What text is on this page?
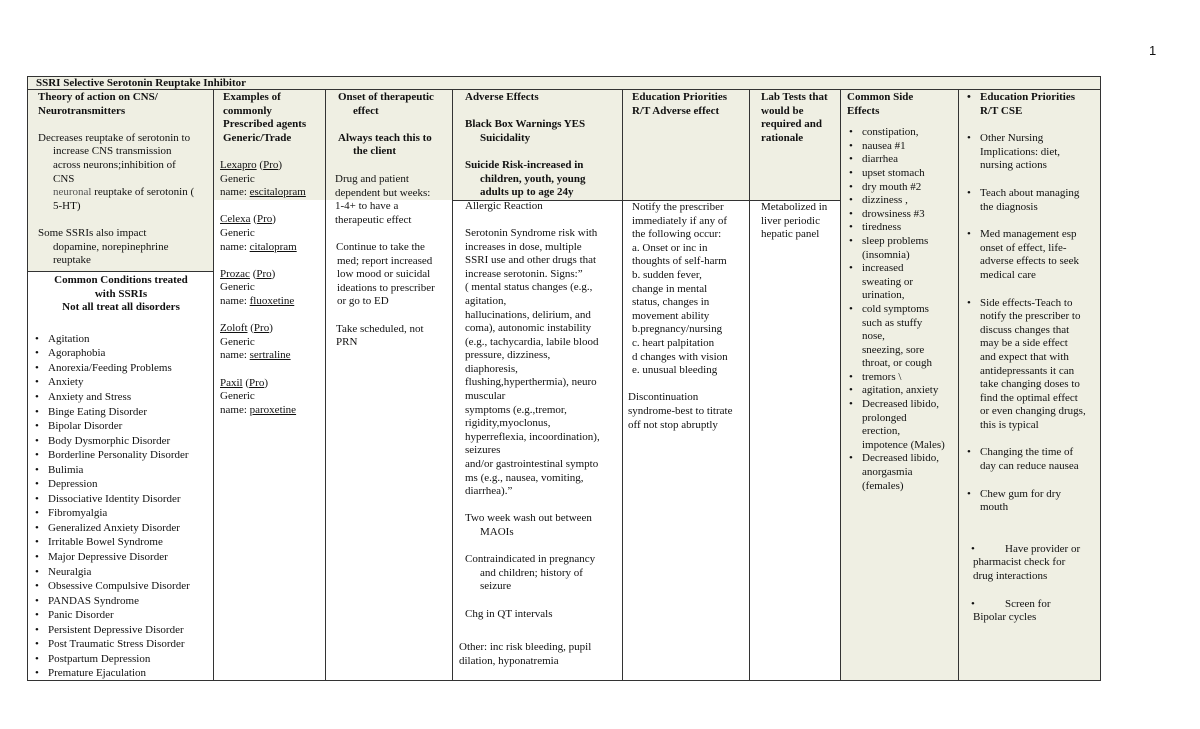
1
SSRI Selective Serotonin Reuptake Inhibitor
Theory of action on CNS/
Neurotransmitters
Decreases reuptake of serotonin to
increase CNS transmission
across neurons;inhibition of
CNS
neuronal reuptake of serotonin (
5-HT)
Some SSRIs also impact
dopamine, norepinephrine
reuptake
Common Conditions treated
with SSRIs
Not all treat all disorders
• Agitation
• Agoraphobia
• Anorexia/Feeding Problems
• Anxiety
• Anxiety and Stress
• Binge Eating Disorder
• Bipolar Disorder
• Body Dysmorphic Disorder
• Borderline Personality Disorder
• Bulimia
• Depression
• Dissociative Identity Disorder
• Fibromyalgia
• Generalized Anxiety Disorder
• Irritable Bowel Syndrome
• Major Depressive Disorder
• Neuralgia
• Obsessive Compulsive Disorder
• PANDAS Syndrome
• Panic Disorder
• Persistent Depressive Disorder
• Post Traumatic Stress Disorder
• Postpartum Depression
• Premature Ejaculation
Examples of
commonly
Prescribed agents
Generic/Trade
Lexapro (Pro)
Generic
name: escitalopram
Celexa (Pro)
Generic
name: citalopram
Prozac (Pro)
Generic
name: fluoxetine
Zoloft (Pro)
Generic
name: sertraline
Paxil (Pro)
Generic
name: paroxetine
Onset of therapeutic
effect
Always teach this to
the client
Drug and patient
dependent but weeks:
1-4+ to have a
therapeutic effect
Continue to take the
med; report increased
low mood or suicidal
ideations to prescriber
or go to ED
Take scheduled, not
PRN
Adverse Effects
Black Box Warnings YES
Suicidality
Suicide Risk-increased in
children, youth, young
adults up to age 24y
Allergic Reaction
Serotonin Syndrome risk with
increases in dose, multiple
SSRI use and other drugs that
increase serotonin. Signs:”
( mental status changes (e.g.,
agitation,
hallucinations, delirium, and
coma), autonomic instability
(e.g., tachycardia, labile blood
pressure, dizziness,
diaphoresis,
flushing,hyperthermia), neuro
muscular
symptoms (e.g.,tremor,
rigidity,myoclonus,
hyperreflexia, incoordination),
seizures
and/or gastrointestinal sympto
ms (e.g., nausea, vomiting,
diarrhea).”
Two week wash out between
MAOIs
Contraindicated in pregnancy
and children; history of
seizure
Chg in QT intervals
Other: inc risk bleeding, pupil
dilation, hyponatremia
Education Priorities
R/T Adverse effect
Notify the prescriber
immediately if any of
the following occur:
a. Onset or inc in
thoughts of self-harm
b. sudden fever,
change in mental
status, changes in
movement ability
b.pregnancy/nursing
c. heart palpitation
d changes with vision
e. unusual bleeding
Discontinuation
syndrome-best to titrate
off not stop abruptly
Lab Tests that
would be
required and
rationale
Metabolized in
liver periodic
hepatic panel
Common Side
Effects
• constipation,
• nausea #1
• diarrhea
• upset stomach
• dry mouth #2
• dizziness ,
• drowsiness #3
• tiredness
• sleep problems
(insomnia)
• increased
sweating or
urination,
• cold symptoms
such as stuffy
nose,
sneezing, sore
throat, or cough
• tremors \
• agitation, anxiety
• Decreased libido,
prolonged
erection,
impotence (Males)
• Decreased libido,
anorgasmia
(females)
• Education Priorities
R/T CSE
• Other Nursing
Implications: diet,
nursing actions
• Teach about managing
the diagnosis
• Med management esp
onset of effect, life-
adverse effects to seek
medical care
• Side effects-Teach to
notify the prescriber to
discuss changes that
may be a side effect
and expect that with
antidepressants it can
take changing doses to
find the optimal effect
or even changing drugs,
this is typical
• Changing the time of
day can reduce nausea
• Chew gum for dry
mouth
•	Have provider or
pharmacist check for
drug interactions
•	Screen for
Bipolar cycles
